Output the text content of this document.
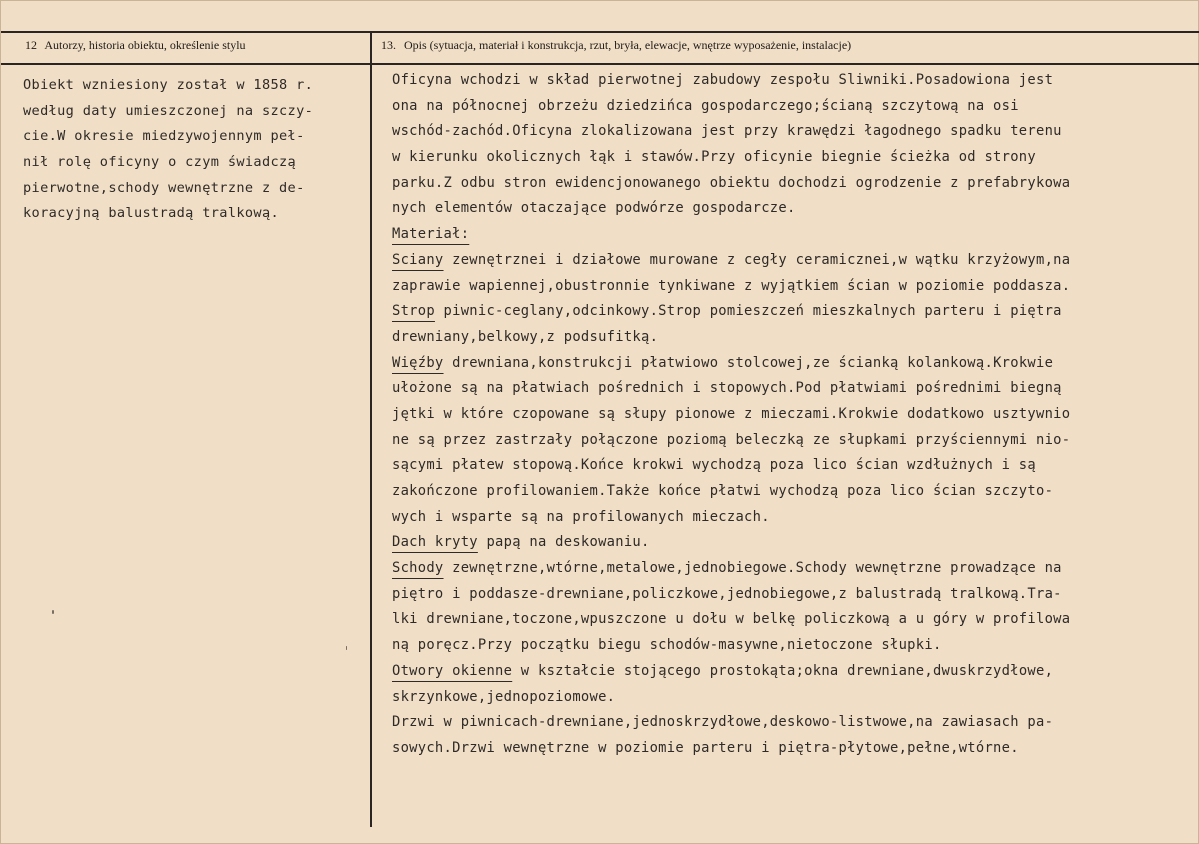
12 Autorzy, historia obiektu, określenie stylu	13. Opis (sytuacja, materiał i konstrukcja, rzut, bryła, elewacje, wnętrze wyposażenie, instalacje)
Obiekt wzniesiony został w 1858 r.
według daty umieszczonej na szczy-
cie.W okresie miedzywojennym peł-
nił rolę oficyny o czym świadczą
pierwotne,schody wewnętrzne z de-
koracyjną balustradą tralkową.
Oficyna wchodzi w skład pierwotnej zabudowy zespołu Sliwniki.Posadowiona jest
ona na północnej obrzeżu dziedzińca gospodarczego;ścianą szczytową na osi
wschód-zachód.Oficyna zlokalizowana jest przy krawędzi łagodnego spadku terenu
w kierunku okolicznych łąk i stawów.Przy oficynie biegnie ścieżka od strony
parku.Z odbu stron ewidencjonowanego obiektu dochodzi ogrodzenie z prefabrykowa
nych elementów otaczające podwórze gospodarcze.
Materiał:
Sciany zewnętrznei i działowe murowane z cegły ceramicznei,w wątku krzyżowym,na
zaprawie wapiennej,obustronnie tynkiwane z wyjątkiem ścian w poziomie poddasza.
Strop piwnic-ceglany,odcinkowy.Strop pomieszczeń mieszkalnych parteru i piętra
drewniany,belkowy,z podsufitką.
Więźby drewniana,konstrukcji płatwiowo stolcowej,ze ścianką kolankową.Krokwie
ułożone są na płatwiach pośrednich i stopowych.Pod płatwiami pośrednimi biegną
jętki w które czopowane są słupy pionowe z mieczami.Krokwie dodatkowo usztywnio
ne są przez zastrzały połączone poziomą beleczką ze słupkami przyściennymi nio-
sącymi płatew stopową.Końce krokwi wychodzą poza lico ścian wzdłużnych i są
zakończone profilowaniem.Także końce płatwi wychodzą poza lico ścian szczyto-
wych i wsparte są na profilowanych mieczach.
Dach kryty papą na deskowaniu.
Schody zewnętrzne,wtórne,metalowe,jednobiegowe.Schody wewnętrzne prowadzące na
piętro i poddasze-drewniane,policzkowe,jednobiegowe,z balustradą tralkową.Tra-
lki drewniane,toczone,wpuszczone u dołu w belkę policzkową a u góry w profilowa
ną poręcz.Przy początku biegu schodów-masywne,nietoczone słupki.
Otwory okienne w kształcie stojącego prostokąta;okna drewniane,dwuskrzydłowe,
skrzynkowe,jednopoziomowe.
Drzwi w piwnicach-drewniane,jednoskrzydłowe,deskowo-listwowe,na zawiasach pa-
sowych.Drzwi wewnętrzne w poziomie parteru i piętra-płytowe,pełne,wtórne.
